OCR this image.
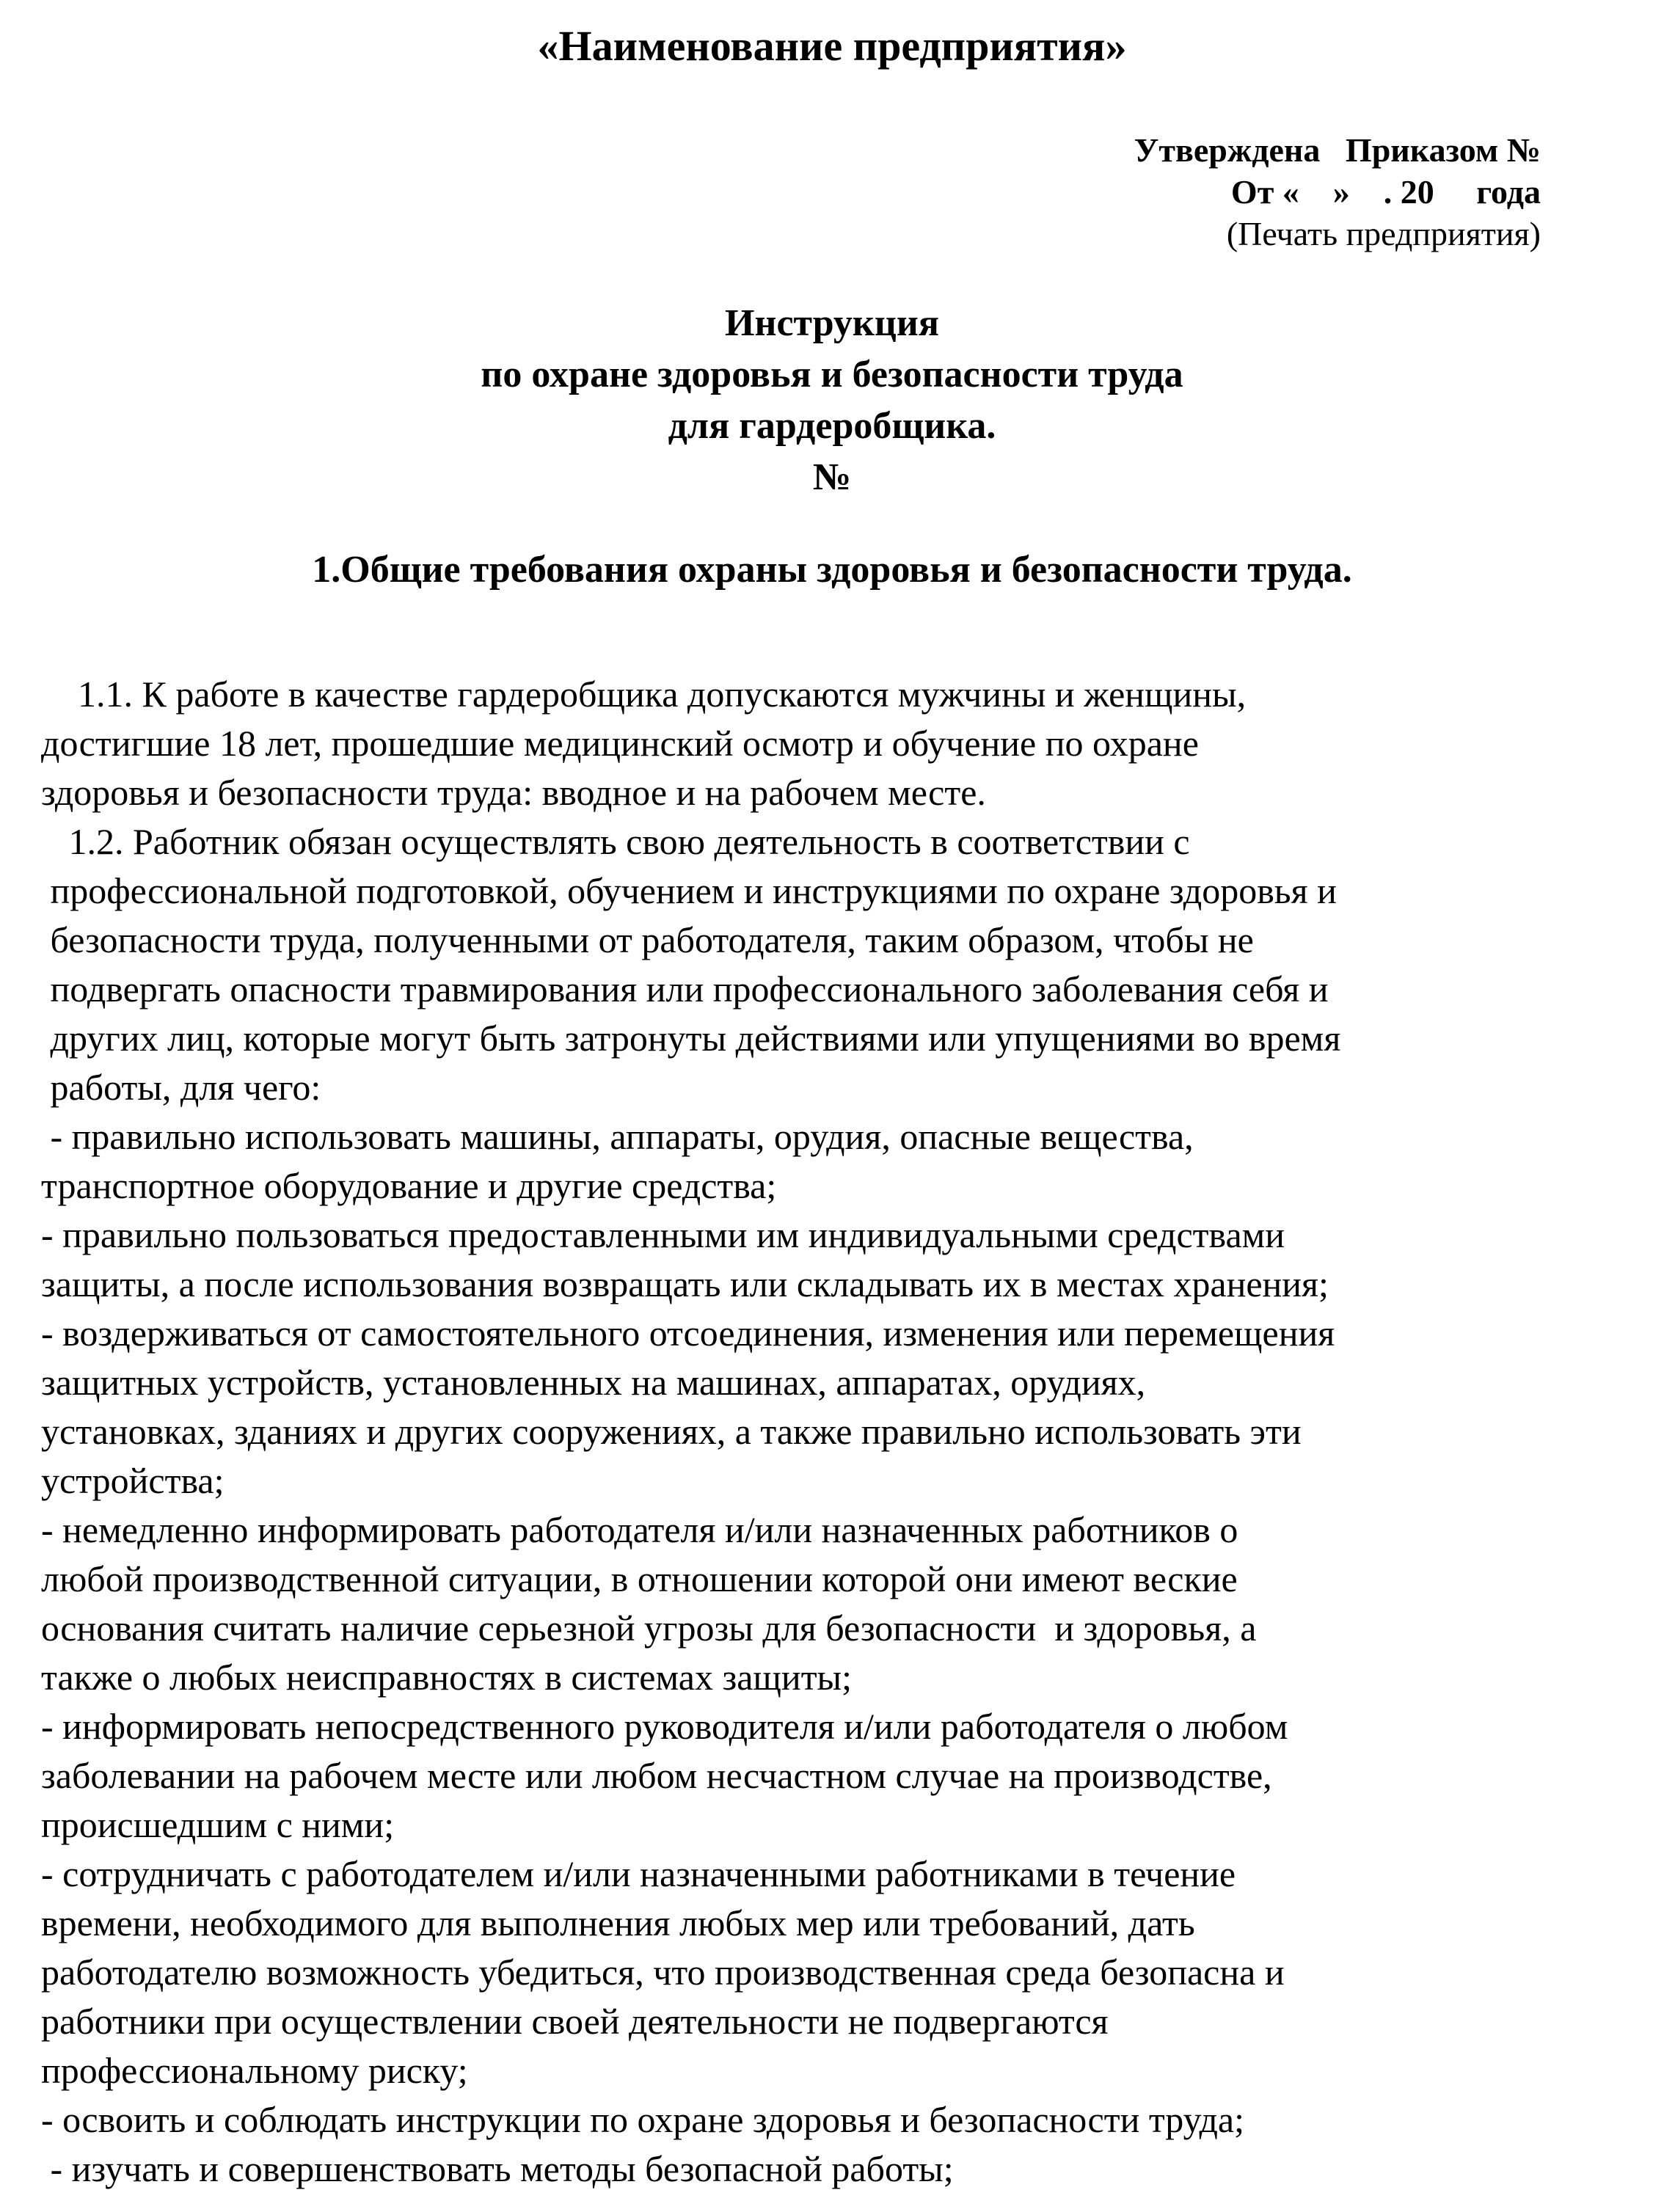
«Наименование предприятия»
Утверждена   Приказом №
От «    »    . 20     года
(Печать предприятия)
Инструкция
по охране здоровья и безопасности труда
для гардеробщика.
№
1.Общие требования охраны здоровья и безопасности труда.
1.1. К работе в качестве гардеробщика допускаются мужчины и женщины,
достигшие 18 лет, прошедшие медицинский осмотр и обучение по охране
здоровья и безопасности труда: вводное и на рабочем месте.
1.2. Работник обязан осуществлять свою деятельность в соответствии с
профессиональной подготовкой, обучением и инструкциями по охране здоровья и
безопасности труда, полученными от работодателя, таким образом, чтобы не
подвергать опасности травмирования или профессионального заболевания себя и
других лиц, которые могут быть затронуты действиями или упущениями во время
работы, для чего:
- правильно использовать машины, аппараты, орудия, опасные вещества,
транспортное оборудование и другие средства;
- правильно пользоваться предоставленными им индивидуальными средствами
защиты, а после использования возвращать или складывать их в местах хранения;
- воздерживаться от самостоятельного отсоединения, изменения или перемещения
защитных устройств, установленных на машинах, аппаратах, орудиях,
установках, зданиях и других сооружениях, а также правильно использовать эти
устройства;
- немедленно информировать работодателя и/или назначенных работников о
любой производственной ситуации, в отношении которой они имеют веские
основания считать наличие серьезной угрозы для безопасности  и здоровья, а
также о любых неисправностях в системах защиты;
- информировать непосредственного руководителя и/или работодателя о любом
заболевании на рабочем месте или любом несчастном случае на производстве,
происшедшим с ними;
- сотрудничать с работодателем и/или назначенными работниками в течение
времени, необходимого для выполнения любых мер или требований, дать
работодателю возможность убедиться, что производственная среда безопасна и
работники при осуществлении своей деятельности не подвергаются
профессиональному риску;
- освоить и соблюдать инструкции по охране здоровья и безопасности труда;
- изучать и совершенствовать методы безопасной работы;
